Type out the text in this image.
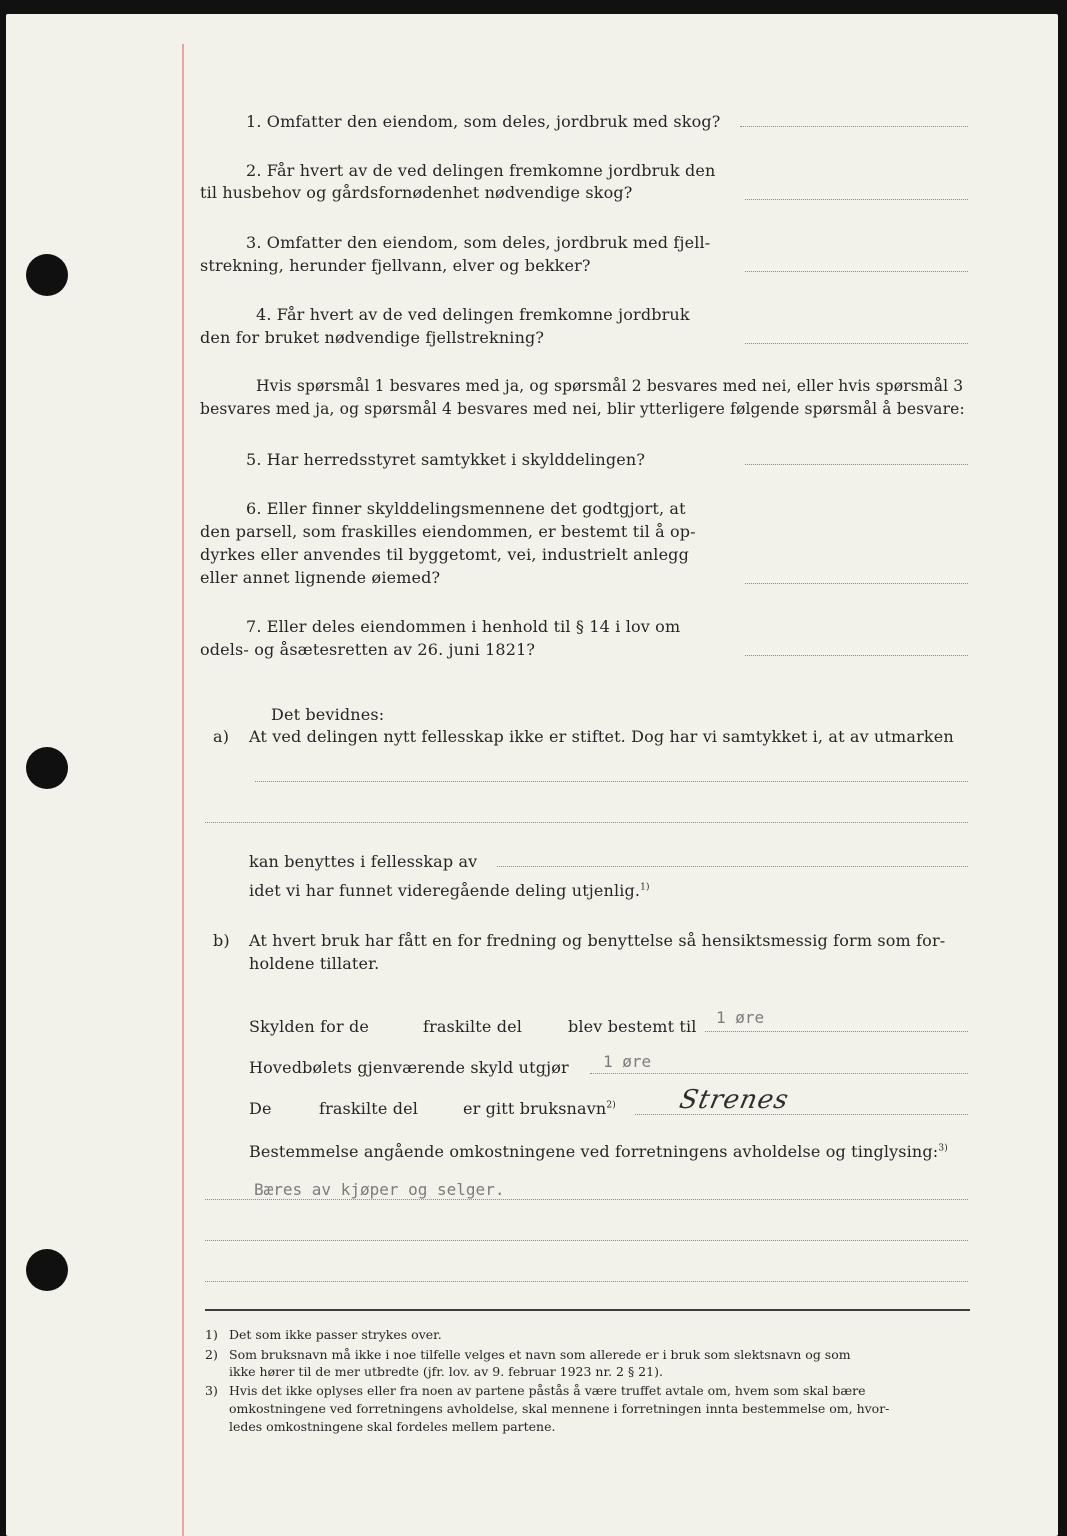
1. Omfatter den eiendom, som deles, jordbruk med skog?
2. Får hvert av de ved delingen fremkomne jordbruk den
til husbehov og gårdsfornødenhet nødvendige skog?
3. Omfatter den eiendom, som deles, jordbruk med fjell-
strekning, herunder fjellvann, elver og bekker?
4. Får hvert av de ved delingen fremkomne jordbruk
den for bruket nødvendige fjellstrekning?
Hvis spørsmål 1 besvares med ja, og spørsmål 2 besvares med nei, eller hvis spørsmål 3
besvares med ja, og spørsmål 4 besvares med nei, blir ytterligere følgende spørsmål å besvare:
5. Har herredsstyret samtykket i skylddelingen?
6. Eller finner skylddelingsmennene det godtgjort, at
den parsell, som fraskilles eiendommen, er bestemt til å op-
dyrkes eller anvendes til byggetomt, vei, industrielt anlegg
eller annet lignende øiemed?
7. Eller deles eiendommen i henhold til § 14 i lov om
odels- og åsætesretten av 26. juni 1821?
Det bevidnes:
a) At ved delingen nytt fellesskap ikke er stiftet. Dog har vi samtykket i, at av utmarken
kan benyttes i fellesskap av
idet vi har funnet videregående deling utjenlig.$^{1)}$
b) At hvert bruk har fått en for fredning og benyttelse så hensiktsmessig form som for-
holdene tillater.
Skylden for de	fraskilte del	blev bestemt til 1 øre
Hovedbølets gjenværende skyld utgjør 1 øre
De	fraskilte del	er gitt bruksnavn$^{2)}$ Strenes
Bestemmelse angående omkostningene ved forretningens avholdelse og tinglysing:$^{3)}$
Bæres av kjøper og selger.
1) Det som ikke passer strykes over.
2) Som bruksnavn må ikke i noe tilfelle velges et navn som allerede er i bruk som slektsnavn og som
ikke hører til de mer utbredte (jfr. lov. av 9. februar 1923 nr. 2 § 21).
3) Hvis det ikke oplyses eller fra noen av partene påstås å være truffet avtale om, hvem som skal bære
omkostningene ved forretningens avholdelse, skal mennene i forretningen innta bestemmelse om, hvor-
ledes omkostningene skal fordeles mellem partene.
